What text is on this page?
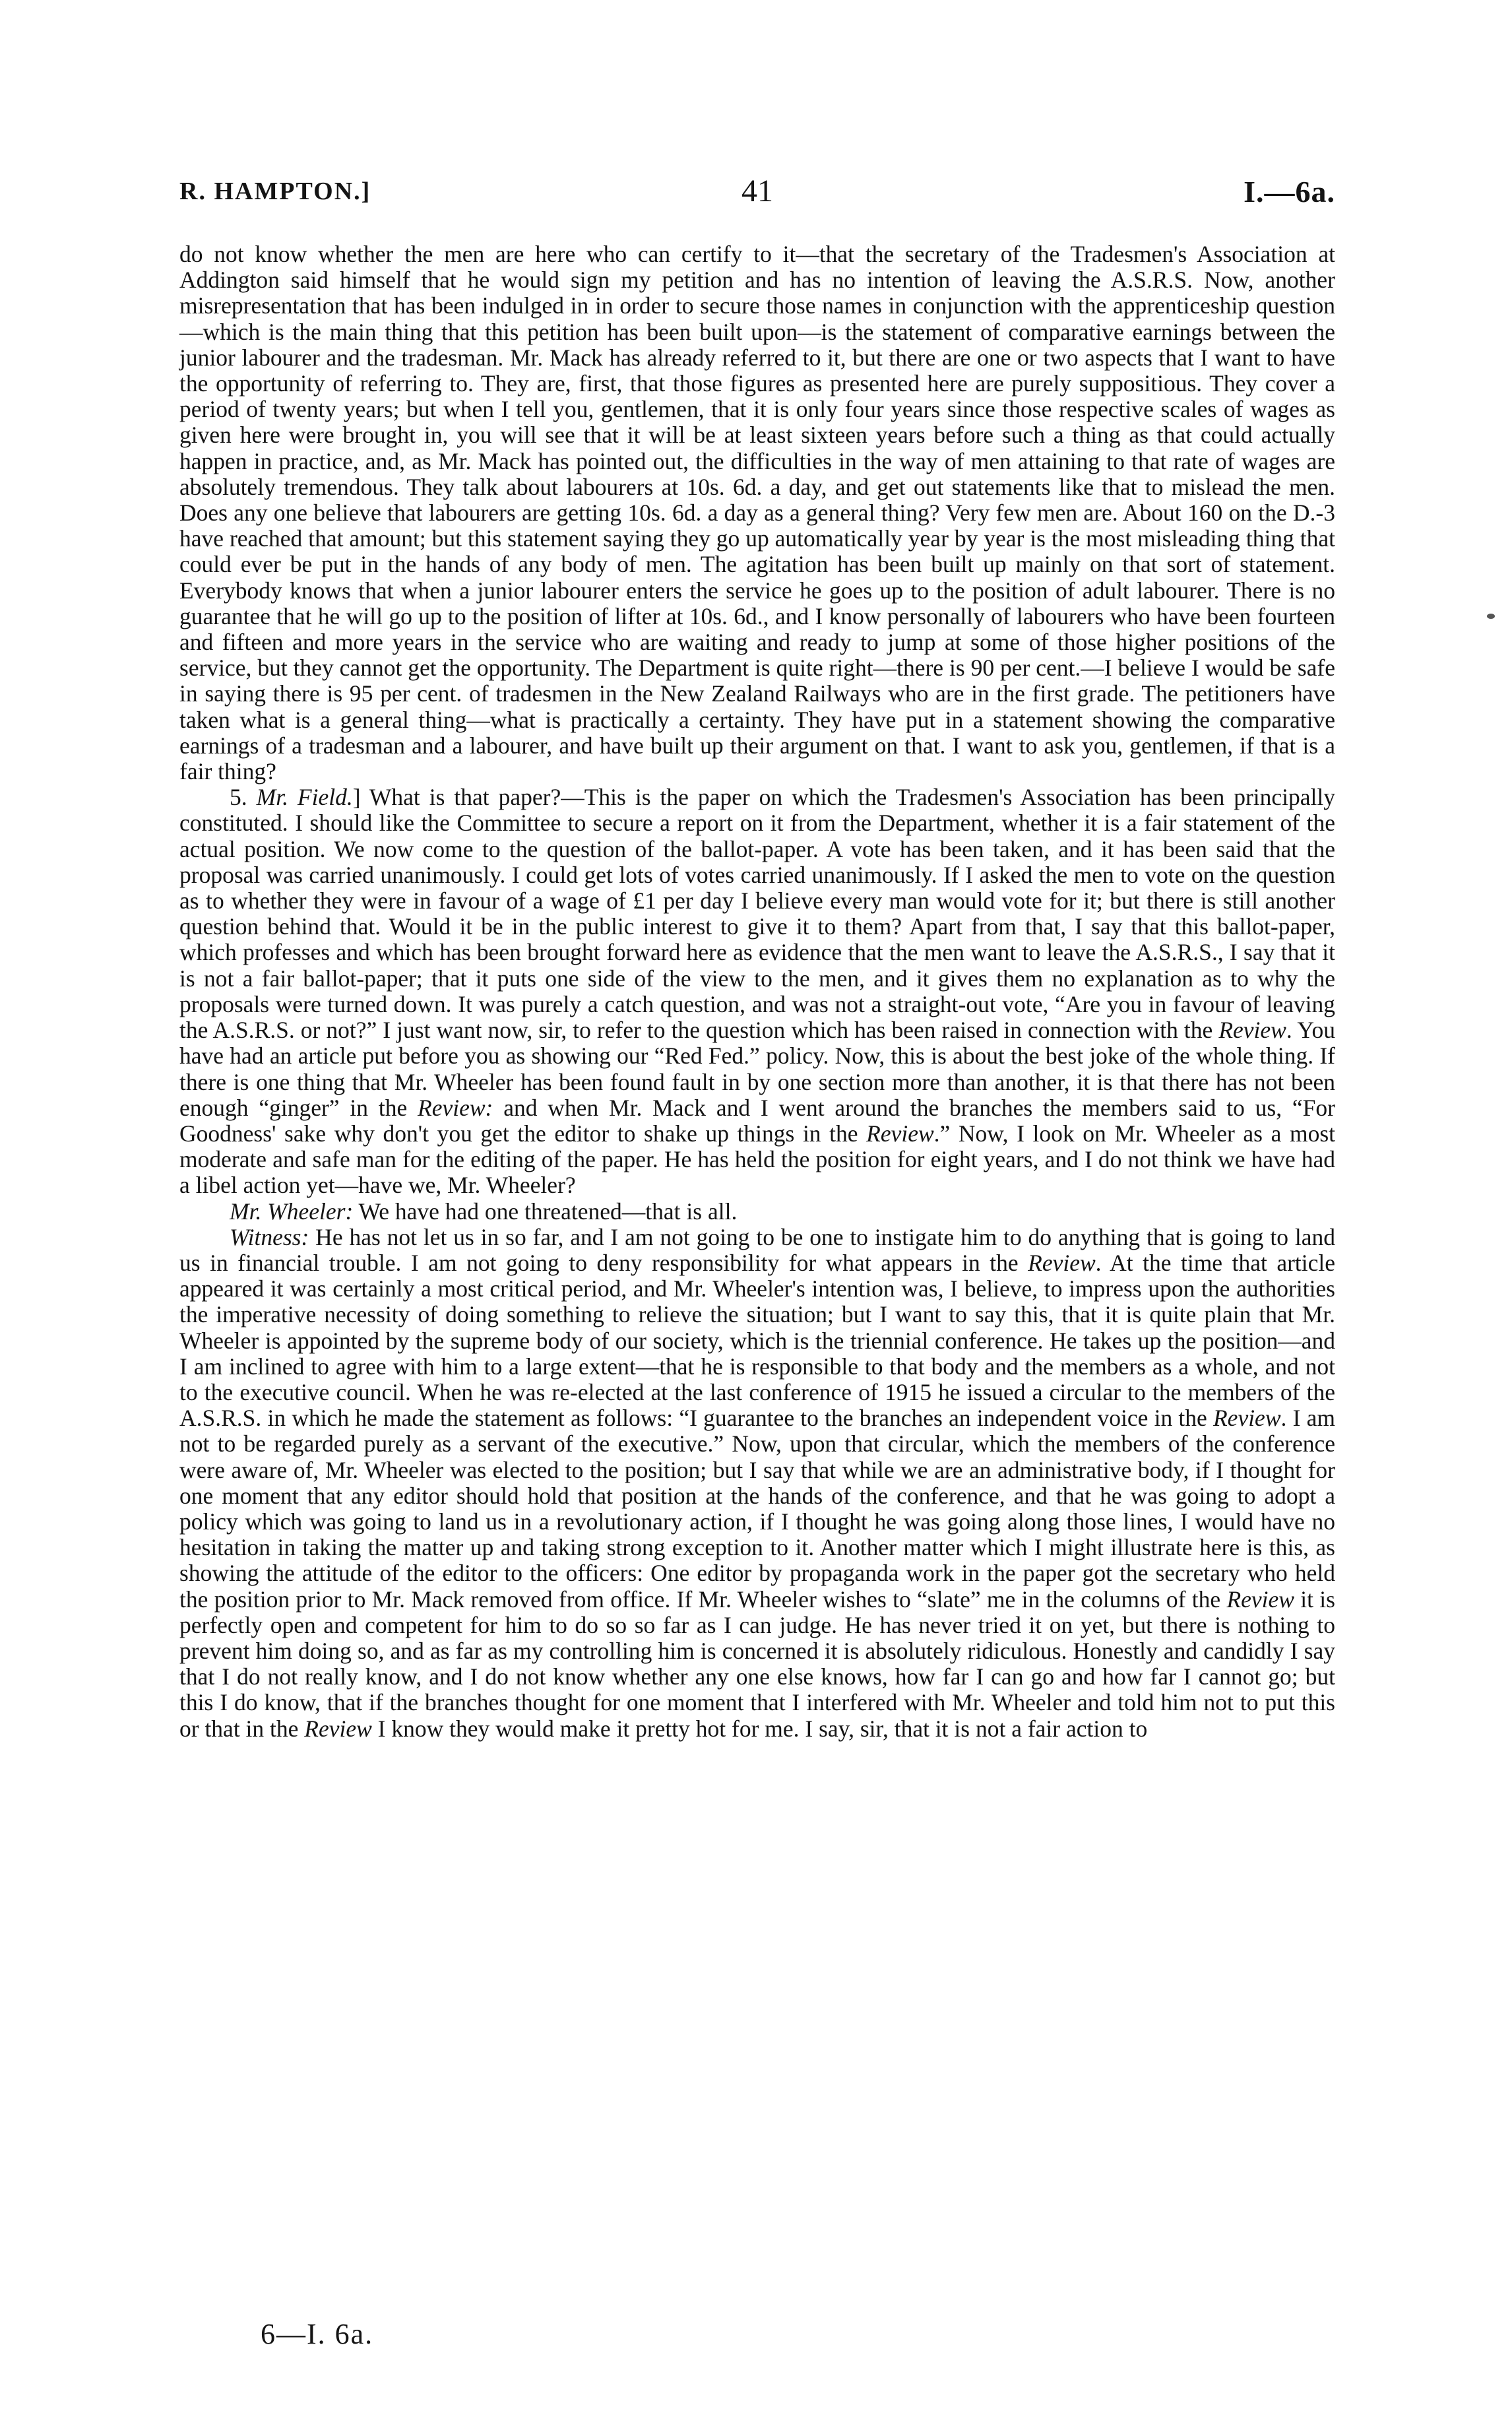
R. HAMPTON.]	41	I.—6a.

do not know whether the men are here who can certify to it—that the secretary of the Tradesmen's Association at Addington said himself that he would sign my petition and has no intention of leaving the A.S.R.S. Now, another misrepresentation that has been indulged in in order to secure those names in conjunction with the apprenticeship question—which is the main thing that this petition has been built upon—is the statement of comparative earnings between the junior labourer and the tradesman. Mr. Mack has already referred to it, but there are one or two aspects that I want to have the opportunity of referring to. They are, first, that those figures as presented here are purely suppositious. They cover a period of twenty years; but when I tell you, gentlemen, that it is only four years since those respective scales of wages as given here were brought in, you will see that it will be at least sixteen years before such a thing as that could actually happen in practice, and, as Mr. Mack has pointed out, the difficulties in the way of men attaining to that rate of wages are absolutely tremendous. They talk about labourers at 10s. 6d. a day, and get out statements like that to mislead the men. Does any one believe that labourers are getting 10s. 6d. a day as a general thing? Very few men are. About 160 on the D.-3 have reached that amount; but this statement saying they go up automatically year by year is the most misleading thing that could ever be put in the hands of any body of men. The agitation has been built up mainly on that sort of statement. Everybody knows that when a junior labourer enters the service he goes up to the position of adult labourer. There is no guarantee that he will go up to the position of lifter at 10s. 6d., and I know personally of labourers who have been fourteen and fifteen and more years in the service who are waiting and ready to jump at some of those higher positions of the service, but they cannot get the opportunity. The Department is quite right—there is 90 per cent.—I believe I would be safe in saying there is 95 per cent. of tradesmen in the New Zealand Railways who are in the first grade. The petitioners have taken what is a general thing—what is practically a certainty. They have put in a statement showing the comparative earnings of a tradesman and a labourer, and have built up their argument on that. I want to ask you, gentlemen, if that is a fair thing?

5. Mr. Field.] What is that paper?—This is the paper on which the Tradesmen's Association has been principally constituted. I should like the Committee to secure a report on it from the Department, whether it is a fair statement of the actual position. We now come to the question of the ballot-paper. A vote has been taken, and it has been said that the proposal was carried unanimously. I could get lots of votes carried unanimously. If I asked the men to vote on the question as to whether they were in favour of a wage of £1 per day I believe every man would vote for it; but there is still another question behind that. Would it be in the public interest to give it to them? Apart from that, I say that this ballot-paper, which professes and which has been brought forward here as evidence that the men want to leave the A.S.R.S., I say that it is not a fair ballot-paper; that it puts one side of the view to the men, and it gives them no explanation as to why the proposals were turned down. It was purely a catch question, and was not a straight-out vote, “Are you in favour of leaving the A.S.R.S. or not?” I just want now, sir, to refer to the question which has been raised in connection with the Review. You have had an article put before you as showing our “Red Fed.” policy. Now, this is about the best joke of the whole thing. If there is one thing that Mr. Wheeler has been found fault in by one section more than another, it is that there has not been enough “ginger” in the Review: and when Mr. Mack and I went around the branches the members said to us, “For Goodness' sake why don't you get the editor to shake up things in the Review.” Now, I look on Mr. Wheeler as a most moderate and safe man for the editing of the paper. He has held the position for eight years, and I do not think we have had a libel action yet—have we, Mr. Wheeler?

Mr. Wheeler: We have had one threatened—that is all.

Witness: He has not let us in so far, and I am not going to be one to instigate him to do anything that is going to land us in financial trouble. I am not going to deny responsibility for what appears in the Review. At the time that article appeared it was certainly a most critical period, and Mr. Wheeler's intention was, I believe, to impress upon the authorities the imperative necessity of doing something to relieve the situation; but I want to say this, that it is quite plain that Mr. Wheeler is appointed by the supreme body of our society, which is the triennial conference. He takes up the position—and I am inclined to agree with him to a large extent—that he is responsible to that body and the members as a whole, and not to the executive council. When he was re-elected at the last conference of 1915 he issued a circular to the members of the A.S.R.S. in which he made the statement as follows: “I guarantee to the branches an independent voice in the Review. I am not to be regarded purely as a servant of the executive.” Now, upon that circular, which the members of the conference were aware of, Mr. Wheeler was elected to the position; but I say that while we are an administrative body, if I thought for one moment that any editor should hold that position at the hands of the conference, and that he was going to adopt a policy which was going to land us in a revolutionary action, if I thought he was going along those lines, I would have no hesitation in taking the matter up and taking strong exception to it. Another matter which I might illustrate here is this, as showing the attitude of the editor to the officers: One editor by propaganda work in the paper got the secretary who held the position prior to Mr. Mack removed from office. If Mr. Wheeler wishes to “slate” me in the columns of the Review it is perfectly open and competent for him to do so so far as I can judge. He has never tried it on yet, but there is nothing to prevent him doing so, and as far as my controlling him is concerned it is absolutely ridiculous. Honestly and candidly I say that I do not really know, and I do not know whether any one else knows, how far I can go and how far I cannot go; but this I do know, that if the branches thought for one moment that I interfered with Mr. Wheeler and told him not to put this or that in the Review I know they would make it pretty hot for me. I say, sir, that it is not a fair action to

6—I. 6a.
